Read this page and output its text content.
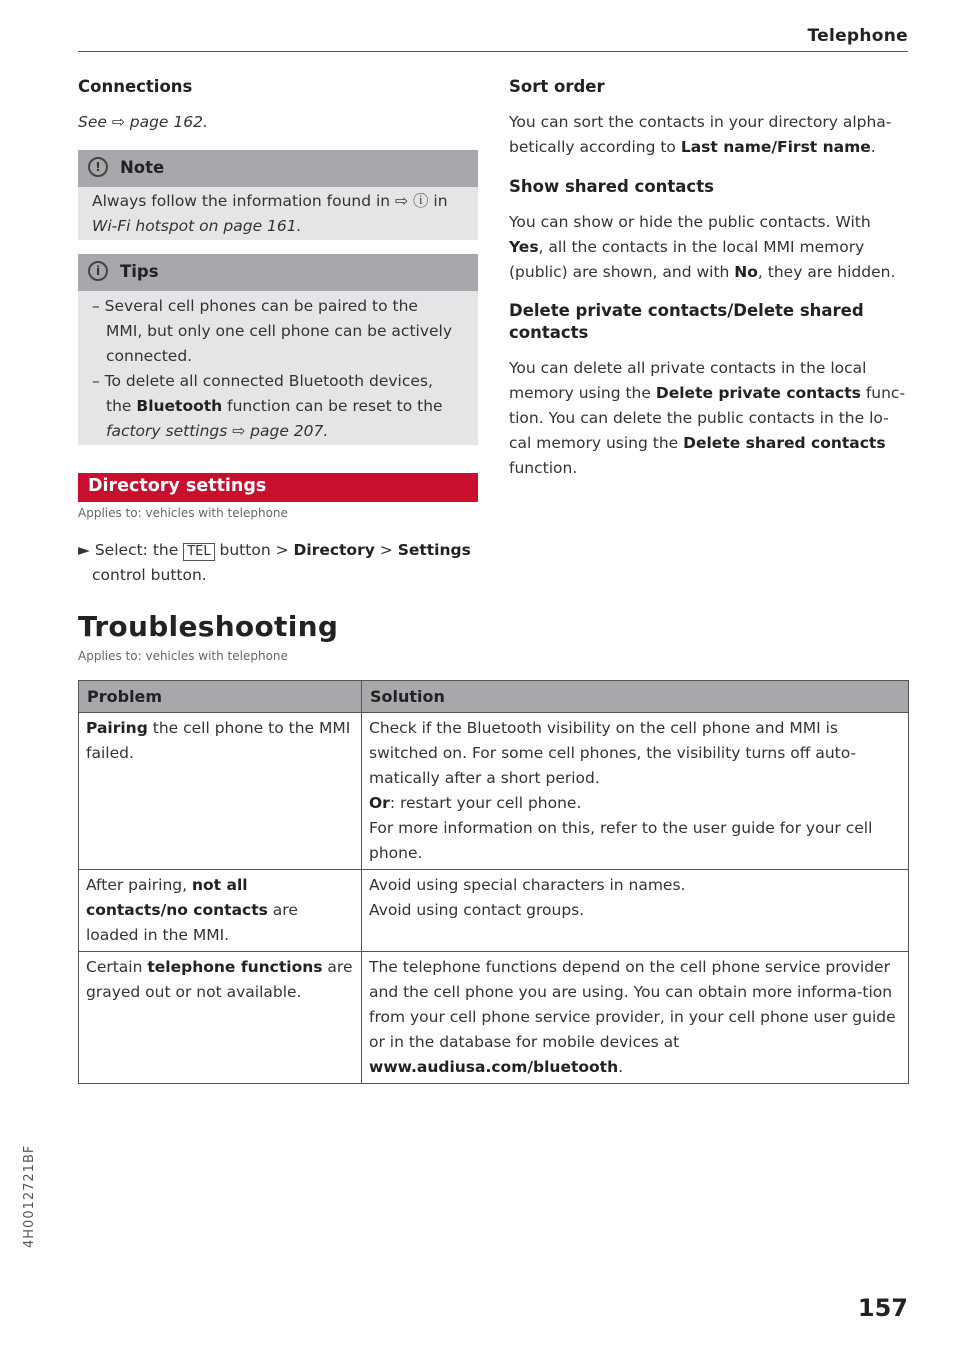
Telephone
Connections
See ⇨ page 162.
!	Note
Always follow the information found in ⇨ ⓘ in
Wi-Fi hotspot on page 161.
i	Tips
– Several cell phones can be paired to the
MMI, but only one cell phone can be actively
connected.
– To delete all connected Bluetooth devices,
the Bluetooth function can be reset to the
factory settings ⇨ page 207.
Directory settings
Applies to: vehicles with telephone
► Select: the TEL button > Directory > Settings
control button.
Sort order
You can sort the contacts in your directory alpha-
betically according to Last name/First name.
Show shared contacts
You can show or hide the public contacts. With
Yes, all the contacts in the local MMI memory
(public) are shown, and with No, they are hidden.
Delete private contacts/Delete shared
contacts
You can delete all private contacts in the local
memory using the Delete private contacts func-
tion. You can delete the public contacts in the lo-
cal memory using the Delete shared contacts
function.
Troubleshooting
Applies to: vehicles with telephone
Problem	Solution
Pairing the cell phone to the MMI failed.	Check if the Bluetooth visibility on the cell phone and MMI is switched on. For some cell phones, the visibility turns off auto-matically after a short period.
Or: restart your cell phone.
For more information on this, refer to the user guide for your cell phone.

After pairing, not all contacts/no contacts are loaded in the MMI.	Avoid using special characters in names.
Avoid using contact groups.

Certain telephone functions are grayed out or not available.	The telephone functions depend on the cell phone service provider and the cell phone you are using. You can obtain more informa-tion from your cell phone service provider, in your cell phone user guide or in the database for mobile devices at www.audiusa.com/bluetooth.
4H0012721BF
157
